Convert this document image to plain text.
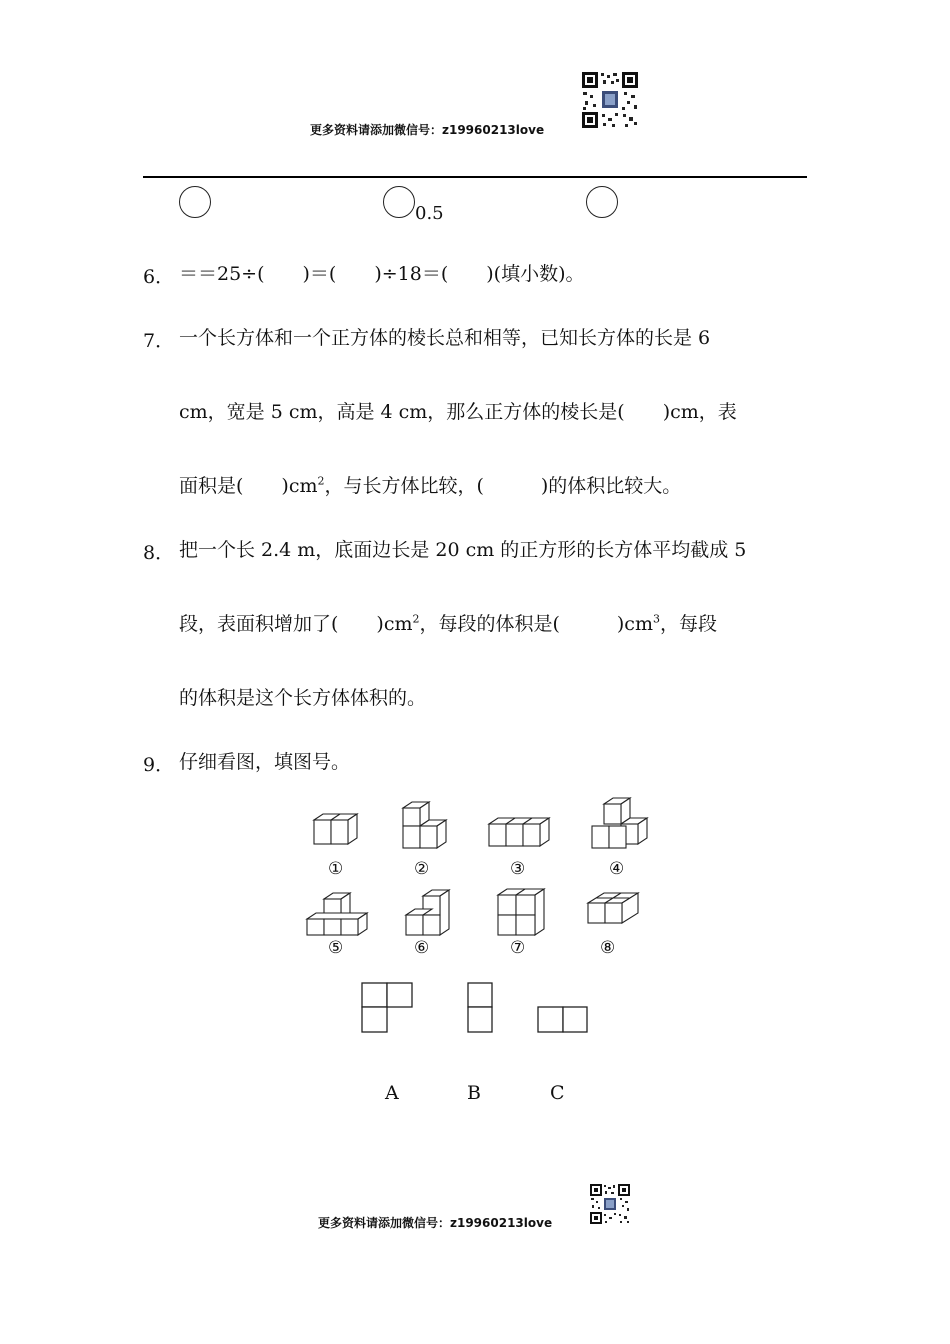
更多资料请添加微信号：z19960213love
0.5
6． ＝＝25÷(　　)＝(　　)÷18＝(　　)(填小数)。
7． 一个长方体和一个正方体的棱长总和相等，已知长方体的长是 6
cm，宽是 5 cm，高是 4 cm，那么正方体的棱长是(　　)cm，表
面积是(　　)$cm^2$，与长方体比较，(　　　)的体积比较大。
8． 把一个长 2.4 m，底面边长是 20 cm 的正方形的长方体平均截成 5
段，表面积增加了(　　)$cm^2$，每段的体积是(　　　)$cm^3$，每段
的体积是这个长方体体积的。
9． 仔细看图，填图号。
①	②	③	④
⑤	⑥	⑦	⑧
A	B	C
更多资料请添加微信号：z19960213love
